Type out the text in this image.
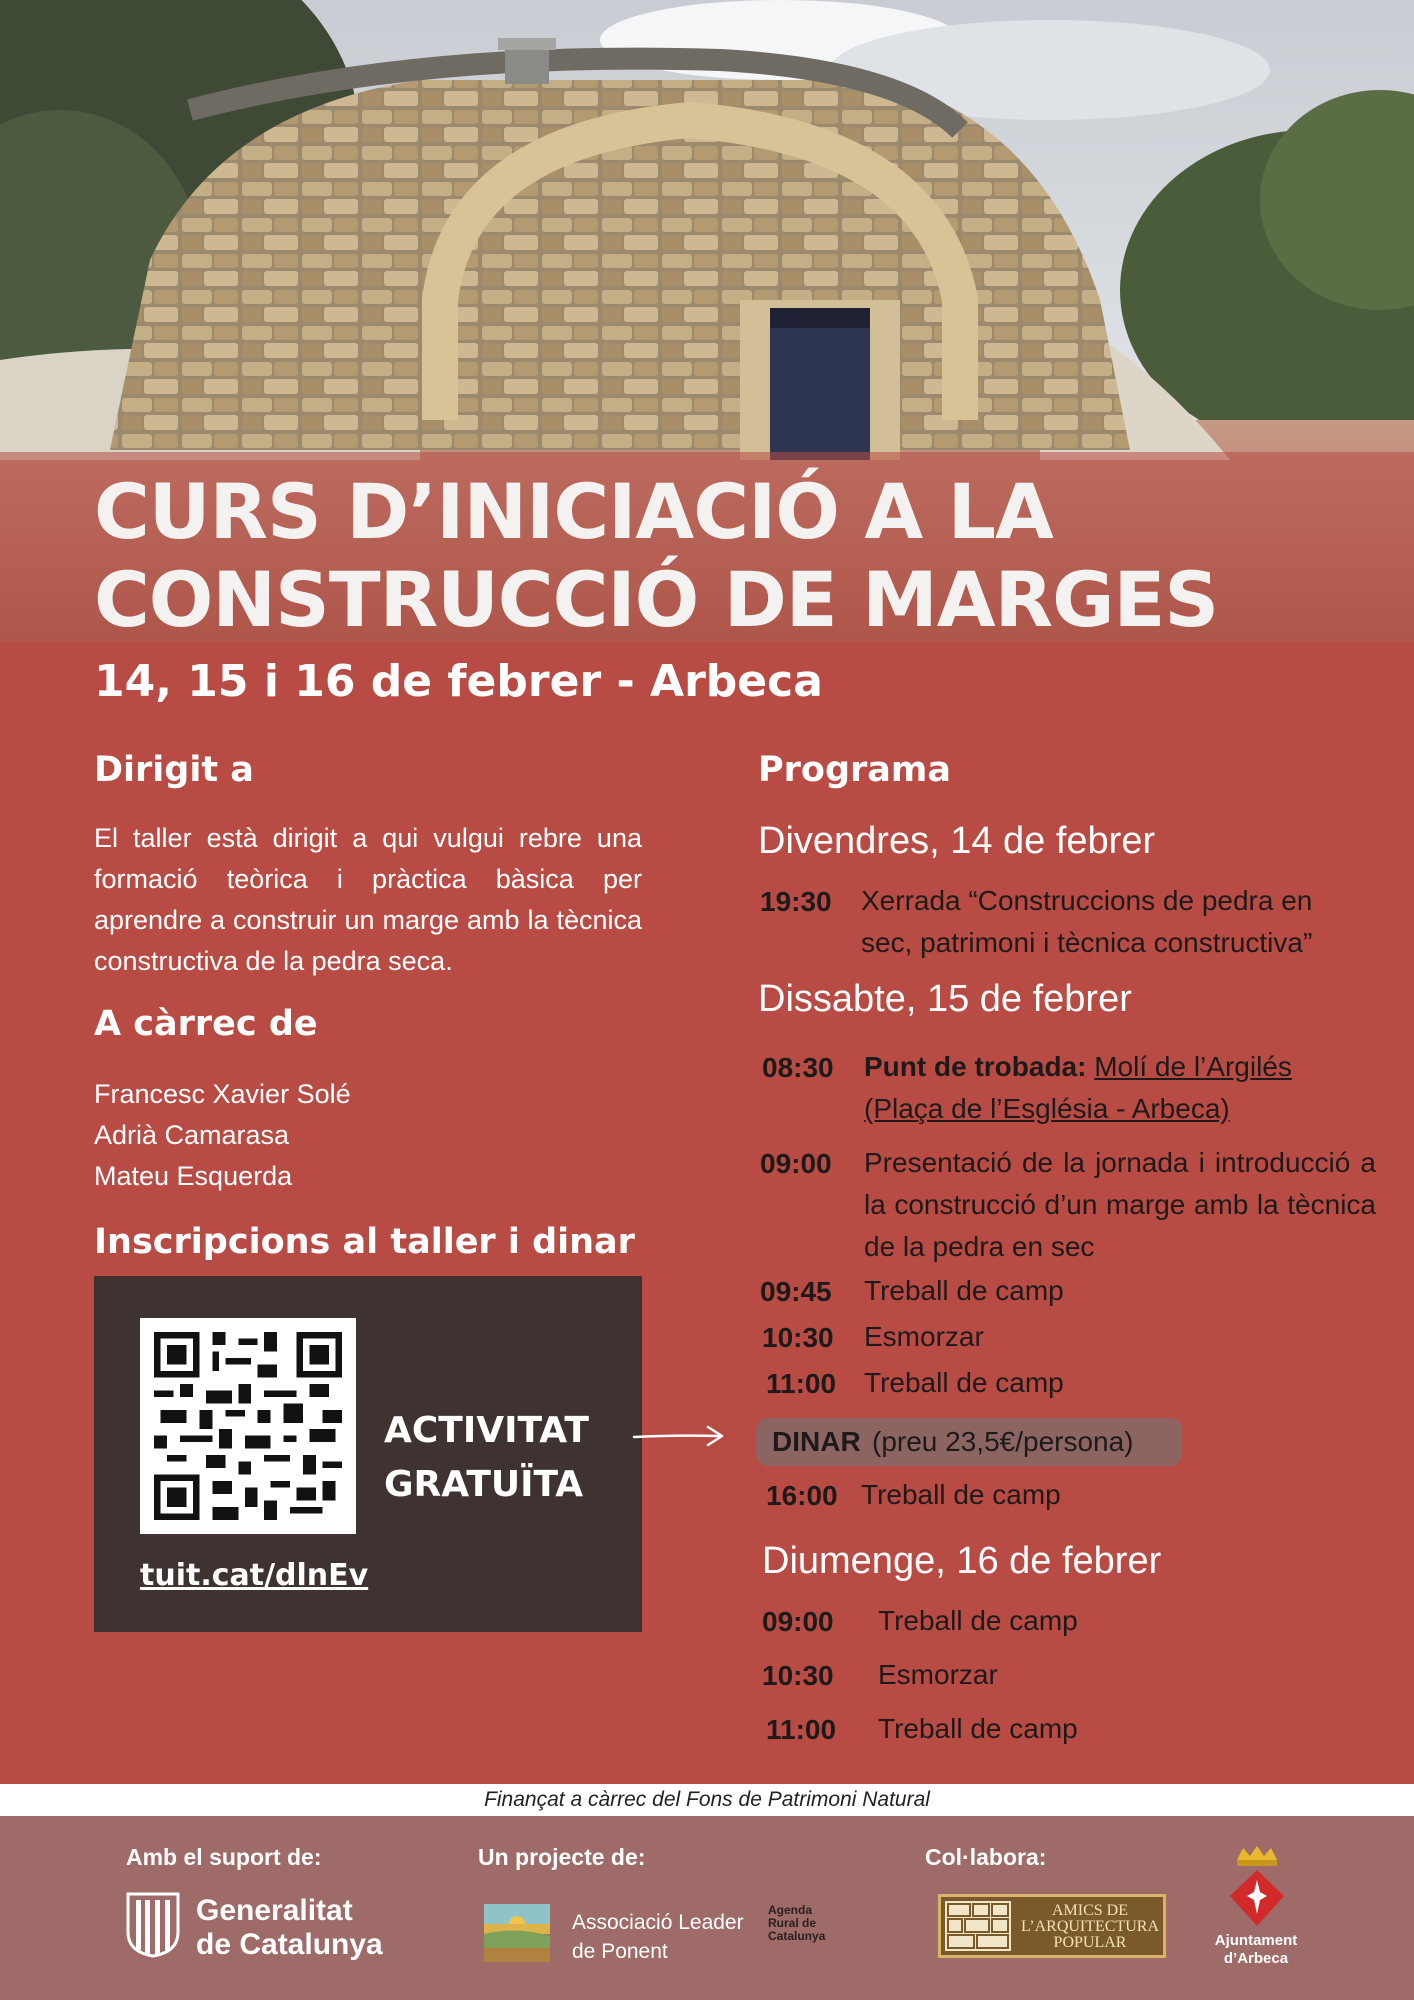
CURS D’INICIACIÓ A LA
CONSTRUCCIÓ DE MARGES
14, 15 i 16 de febrer - Arbeca
Dirigit a
El taller està dirigit a qui vulgui rebre una formació teòrica i pràctica bàsica per aprendre a construir un marge amb la tècnica constructiva de la pedra seca.
A càrrec de
Francesc Xavier Solé
Adrià Camarasa
Mateu Esquerda
Inscripcions al taller i dinar
ACTIVITAT
GRATUÏTA
tuit.cat/dlnEv
Programa
Divendres, 14 de febrer
19:30 Xerrada “Construccions de pedra en sec, patrimoni i tècnica constructiva”
Dissabte, 15 de febrer
08:30 Punt de trobada: Molí de l’Argilés
(Plaça de l’Església - Arbeca)
09:00 Presentació de la jornada i introducció a la construcció d’un marge amb la tècnica de la pedra en sec
09:45 Treball de camp
10:30 Esmorzar
11:00 Treball de camp
DINAR (preu 23,5€/persona)
16:00 Treball de camp
Diumenge, 16 de febrer
09:00 Treball de camp
10:30 Esmorzar
11:00 Treball de camp
Finançat a càrrec del Fons de Patrimoni Natural
Amb el suport de:	Un projecte de:	Col·labora:
Generalitat
de Catalunya
Associació Leader
de Ponent
Agenda
Rural de
Catalunya
AMICS DE
L’ARQUITECTURA
POPULAR	Ajuntament
d’Arbeca
